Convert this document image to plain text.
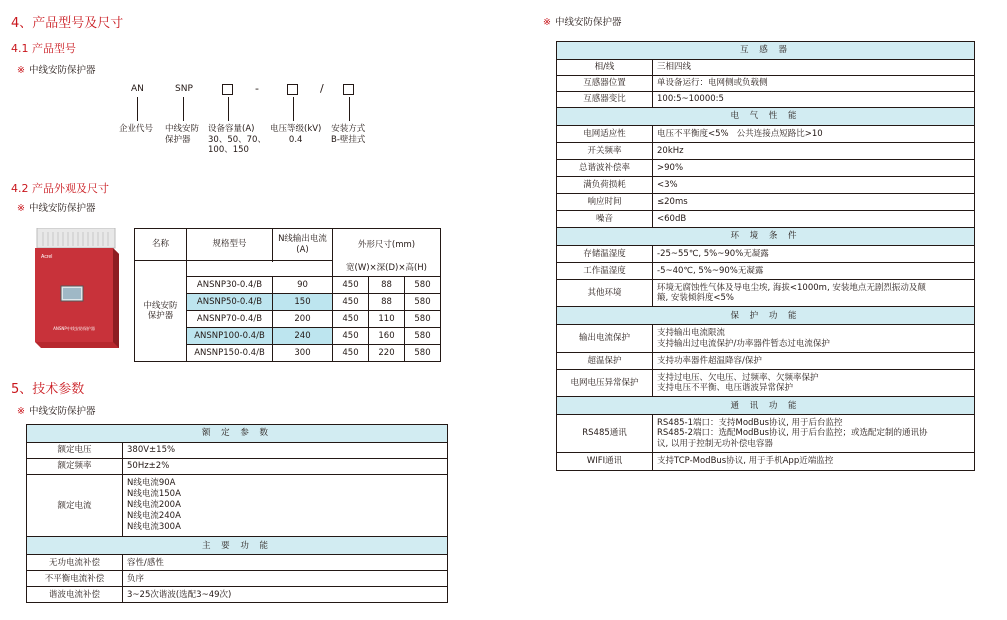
4、产品型号及尺寸
4.1 产品型号
※ 中线安防保护器
AN	SNP	-	/
企业代号 中线安防
保护器
设备容量(A)
30、50、70、
100、150
电压等级(kV)
0.4
安装方式
B-壁挂式
4.2 产品外观及尺寸
※ 中线安防保护器
Acrel
ANSNP中线安防保护器
名称	规格型号	N线输出电流
(A)	外形尺寸(mm)		

中线安防
保护器			宽(W)×深(D)×高(H)		
	ANSNP30-0.4/B	90	450	88	580
	ANSNP50-0.4/B	150	450	88	580
	ANSNP70-0.4/B	200	450	110	580
	ANSNP100-0.4/B	240	450	160	580
	ANSNP150-0.4/B	300	450	220	580
5、技术参数
※ 中线安防保护器
额 定 参 数	
额定电压	380V±15%
额定频率	50Hz±2%
额定电流	N线电流90A
N线电流150A
N线电流200A
N线电流240A
N线电流300A

主 要 功 能	
无功电流补偿	容性/感性
不平衡电流补偿	负序
谐波电流补偿	3~25次谐波(选配3~49次)
※ 中线安防保护器
互 感 器	
相/线	三相四线
互感器位置	单设备运行：电网侧或负载侧
互感器变比	100:5~10000:5
电 气 性 能	
电网适应性	电压不平衡度<5%   公共连接点短路比>10
开关频率	20kHz
总谐波补偿率	>90%
满负荷损耗	<3%
响应时间	≤20ms
噪音	<60dB
环 境 条 件	
存储温湿度	-25~55℃, 5%~90%无凝露
工作温湿度	-5~40℃, 5%~90%无凝露
其他环境	环境无腐蚀性气体及导电尘埃, 海拔<1000m, 安装地点无剧烈振动及颠
簸, 安装倾斜度<5%

保 护 功 能	
输出电流保护	支持输出电流限流
支持输出过电流保护/功率器件暂态过电流保护

超温保护	支持功率器件超温降容/保护
电网电压异常保护	支持过电压、欠电压、过频率、欠频率保护
支持电压不平衡、电压谐波异常保护

通 讯 功 能	
RS485通讯	RS485-1端口：支持ModBus协议, 用于后台监控
RS485-2端口：选配ModBus协议, 用于后台监控；或选配定制的通讯协
议, 以用于控制无功补偿电容器

WIFI通讯	支持TCP-ModBus协议, 用于手机App近端监控
